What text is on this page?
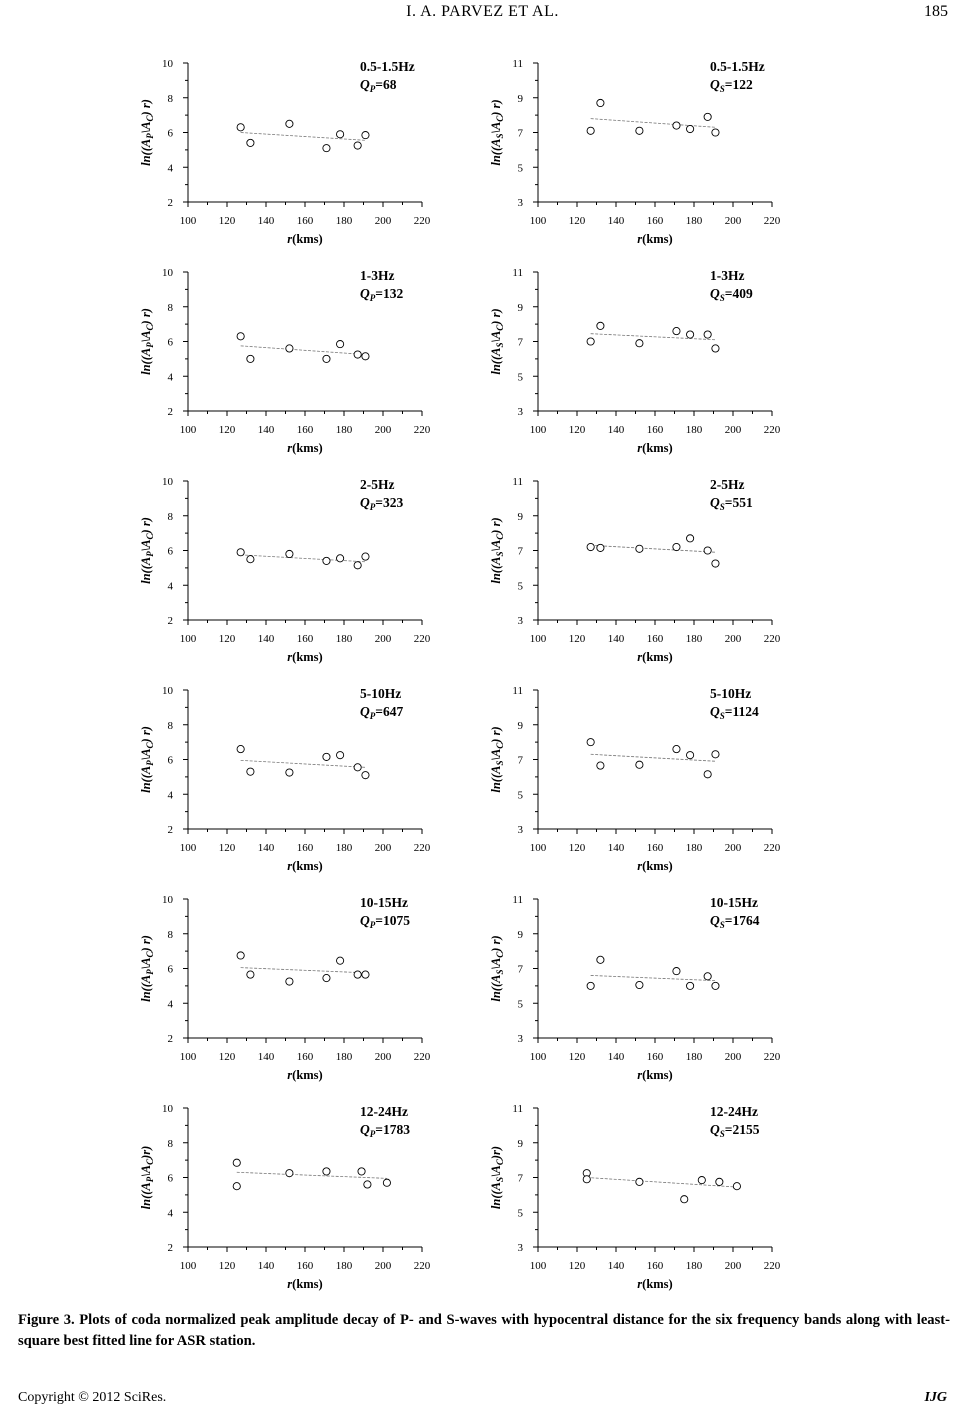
I. A. PARVEZ ET AL.	185
100 120 140 160 180 200 220
2
4
6
8
10
r(kms)
$\ln((A_P\backslash A_C)$ r)
0.5-1.5Hz
$Q_P=68$
100 120 140 160 180 200 220
3
5
7
9
11
r(kms)
$\ln((A_S\backslash A_C)$ r)
0.5-1.5Hz
$Q_S=122$
100 120 140 160 180 200 220
2
4
6
8
10
r(kms)
$\ln((A_P\backslash A_C)$ r)
1-3Hz
$Q_P=132$
100 120 140 160 180 200 220
3
5
7
9
11
r(kms)
$\ln((A_S\backslash A_C)$ r)
1-3Hz
$Q_S=409$
100 120 140 160 180 200 220
2
4
6
8
10
r(kms)
$\ln((A_P\backslash A_C)$ r)
2-5Hz
$Q_P=323$
100 120 140 160 180 200 220
3
5
7
9
11
r(kms)
$\ln((A_S\backslash A_C)$ r)
2-5Hz
$Q_S=551$
100 120 140 160 180 200 220
2
4
6
8
10
r(kms)
$\ln((A_P\backslash A_C)$ r)
5-10Hz
$Q_P=647$
100 120 140 160 180 200 220
3
5
7
9
11
r(kms)
$\ln((A_S\backslash A_C)$ r)
5-10Hz
$Q_S=1124$
100 120 140 160 180 200 220
2
4
6
8
10
r(kms)
$\ln((A_P\backslash A_C)$ r)
10-15Hz
$Q_P=1075$
100 120 140 160 180 200 220
3
5
7
9
11
r(kms)
$\ln((A_S\backslash A_C)$ r)
10-15Hz
$Q_S=1764$
100 120 140 160 180 200 220
2
4
6
8
10
r(kms)
$\ln((A_P\backslash A_C)r)$
12-24Hz
$Q_P=1783$
100 120 140 160 180 200 220
3
5
7
9
11
r(kms)
$\ln((A_S\backslash A_C)r)$
12-24Hz
$Q_S=2155$
Figure 3. Plots of coda normalized peak amplitude decay of P- and S-waves with hypocentral distance for the six frequency bands along with least-square best fitted line for ASR station.
Copyright © 2012 SciRes.	IJG
